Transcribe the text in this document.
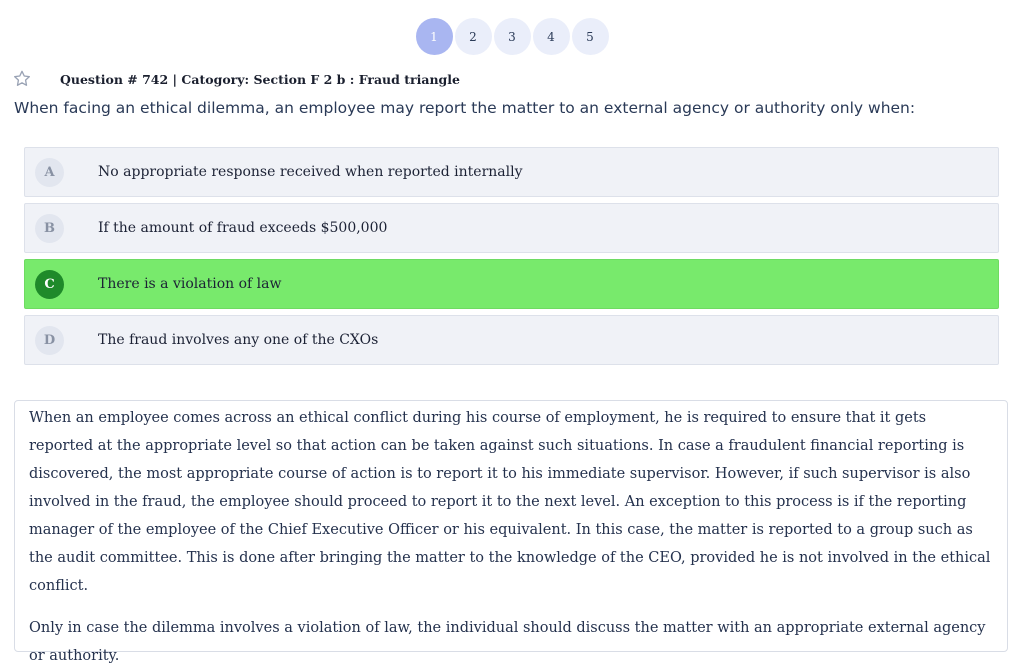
1	2	3	4	5
Question # 742 | Catogory: Section F 2 b : Fraud triangle
When facing an ethical dilemma, an employee may report the matter to an external agency or authority only when:
A	No appropriate response received when reported internally
B	If the amount of fraud exceeds $500,000
C	There is a violation of law
D	The fraud involves any one of the CXOs

When an employee comes across an ethical conflict during his course of employment, he is required to ensure that it gets reported at the appropriate level so that action can be taken against such situations. In case a fraudulent financial reporting is discovered, the most appropriate course of action is to report it to his immediate supervisor. However, if such supervisor is also involved in the fraud, the employee should proceed to report it to the next level. An exception to this process is if the reporting manager of the employee of the Chief Executive Officer or his equivalent. In this case, the matter is reported to a group such as the audit committee. This is done after bringing the matter to the knowledge of the CEO, provided he is not involved in the ethical conflict.

Only in case the dilemma involves a violation of law, the individual should discuss the matter with an appropriate external agency or authority.
